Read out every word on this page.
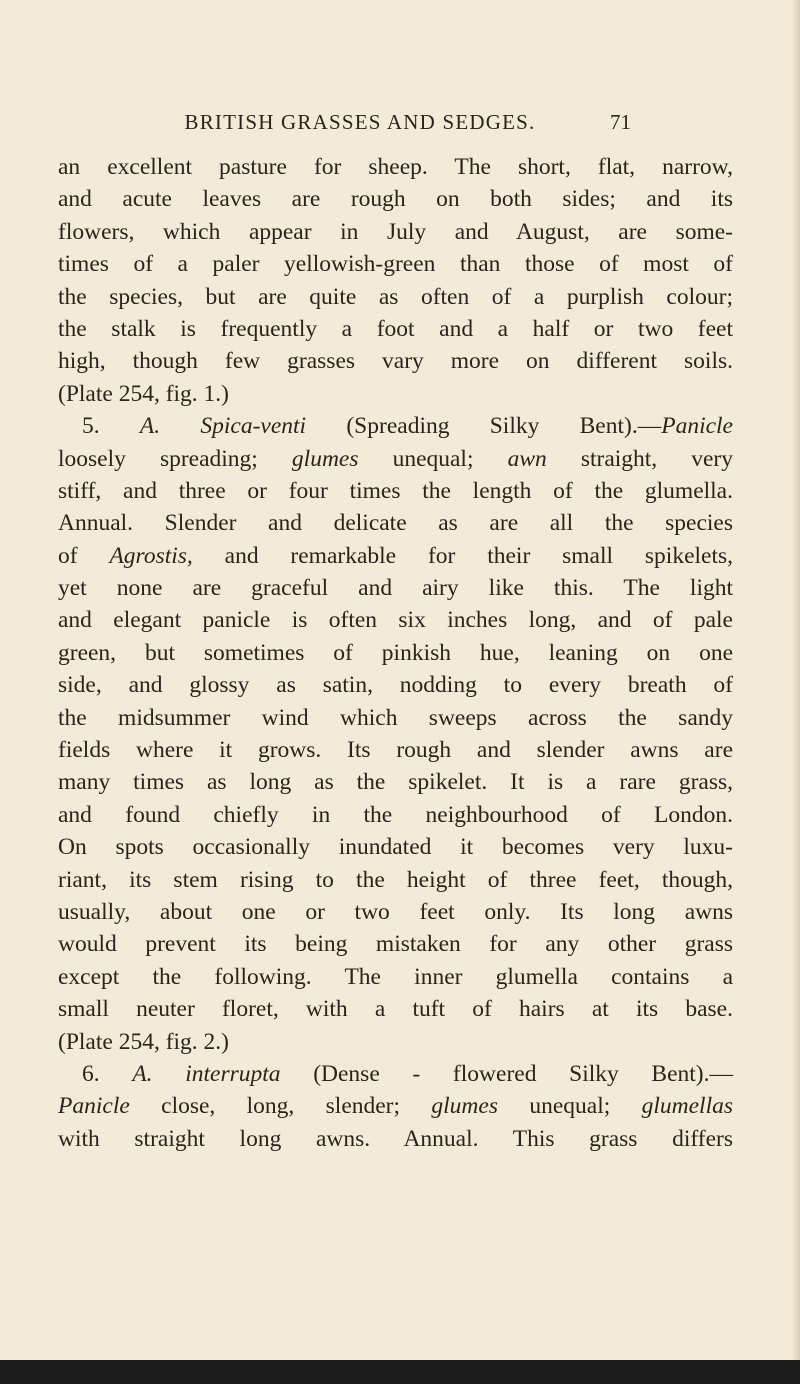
BRITISH GRASSES AND SEDGES.	71
an excellent pasture for sheep. The short, flat, narrow,
and acute leaves are rough on both sides; and its
flowers, which appear in July and August, are some-
times of a paler yellowish-green than those of most of
the species, but are quite as often of a purplish colour;
the stalk is frequently a foot and a half or two feet
high, though few grasses vary more on different soils.
(Plate 254, fig. 1.)
5. A. Spica-venti (Spreading Silky Bent).—Panicle
loosely spreading; glumes unequal; awn straight, very
stiff, and three or four times the length of the glumella.
Annual. Slender and delicate as are all the species
of Agrostis, and remarkable for their small spikelets,
yet none are graceful and airy like this. The light
and elegant panicle is often six inches long, and of pale
green, but sometimes of pinkish hue, leaning on one
side, and glossy as satin, nodding to every breath of
the midsummer wind which sweeps across the sandy
fields where it grows. Its rough and slender awns are
many times as long as the spikelet. It is a rare grass,
and found chiefly in the neighbourhood of London.
On spots occasionally inundated it becomes very luxu-
riant, its stem rising to the height of three feet, though,
usually, about one or two feet only. Its long awns
would prevent its being mistaken for any other grass
except the following. The inner glumella contains a
small neuter floret, with a tuft of hairs at its base.
(Plate 254, fig. 2.)
6. A. interrupta (Dense - flowered Silky Bent).—
Panicle close, long, slender; glumes unequal; glumellas
with straight long awns. Annual. This grass differs
